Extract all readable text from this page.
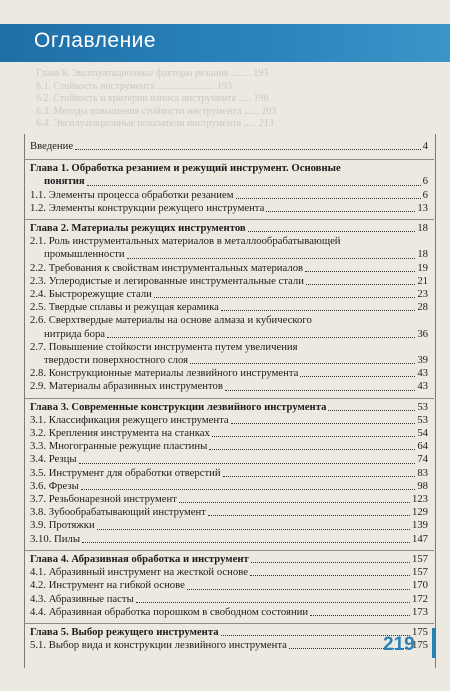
Оглавление
Глава 8. Эксплуатационные факторы резания ........ 193
6.1. Стойкость инструмента ....................... 193
6.2. Стойкость и критерии износа инструмента ..... 196
6.3. Методы повышения стойкости инструмента ...... 203
6.4. Эксплуатационные показатели инструмента ..... 213
Введение	4
Глава 1. Обработка резанием и режущий инструмент. Основные
понятия	6
1.1. Элементы процесса обработки резанием	6
1.2. Элементы конструкции режущего инструмента	13
Глава 2. Материалы режущих инструментов	18
2.1. Роль инструментальных материалов в металлообрабатывающей
промышленности	18
2.2. Требования к свойствам инструментальных материалов	19
2.3. Углеродистые и легированные инструментальные стали	21
2.4. Быстрорежущие стали	23
2.5. Твердые сплавы и режущая керамика	28
2.6. Сверхтвердые материалы на основе алмаза и кубического
нитрида бора	36
2.7. Повышение стойкости инструмента путем увеличения
твердости поверхностного слоя	39
2.8. Конструкционные материалы лезвийного инструмента	43
2.9. Материалы абразивных инструментов	43
Глава 3. Современные конструкции лезвийного инструмента	53
3.1. Классификация режущего инструмента	53
3.2. Крепления инструмента на станках	54
3.3. Многогранные режущие пластины	64
3.4. Резцы	74
3.5. Инструмент для обработки отверстий	83
3.6. Фрезы	98
3.7. Резьбонарезной инструмент	123
3.8. Зубообрабатывающий инструмент	129
3.9. Протяжки	139
3.10. Пилы	147
Глава 4. Абразивная обработка и инструмент	157
4.1. Абразивный инструмент на жесткой основе	157
4.2. Инструмент на гибкой основе	170
4.3. Абразивные пасты	172
4.4. Абразивная обработка порошком в свободном состоянии	173
Глава 5. Выбор режущего инструмента	175
5.1. Выбор вида и конструкции лезвийного инструмента	175
219
